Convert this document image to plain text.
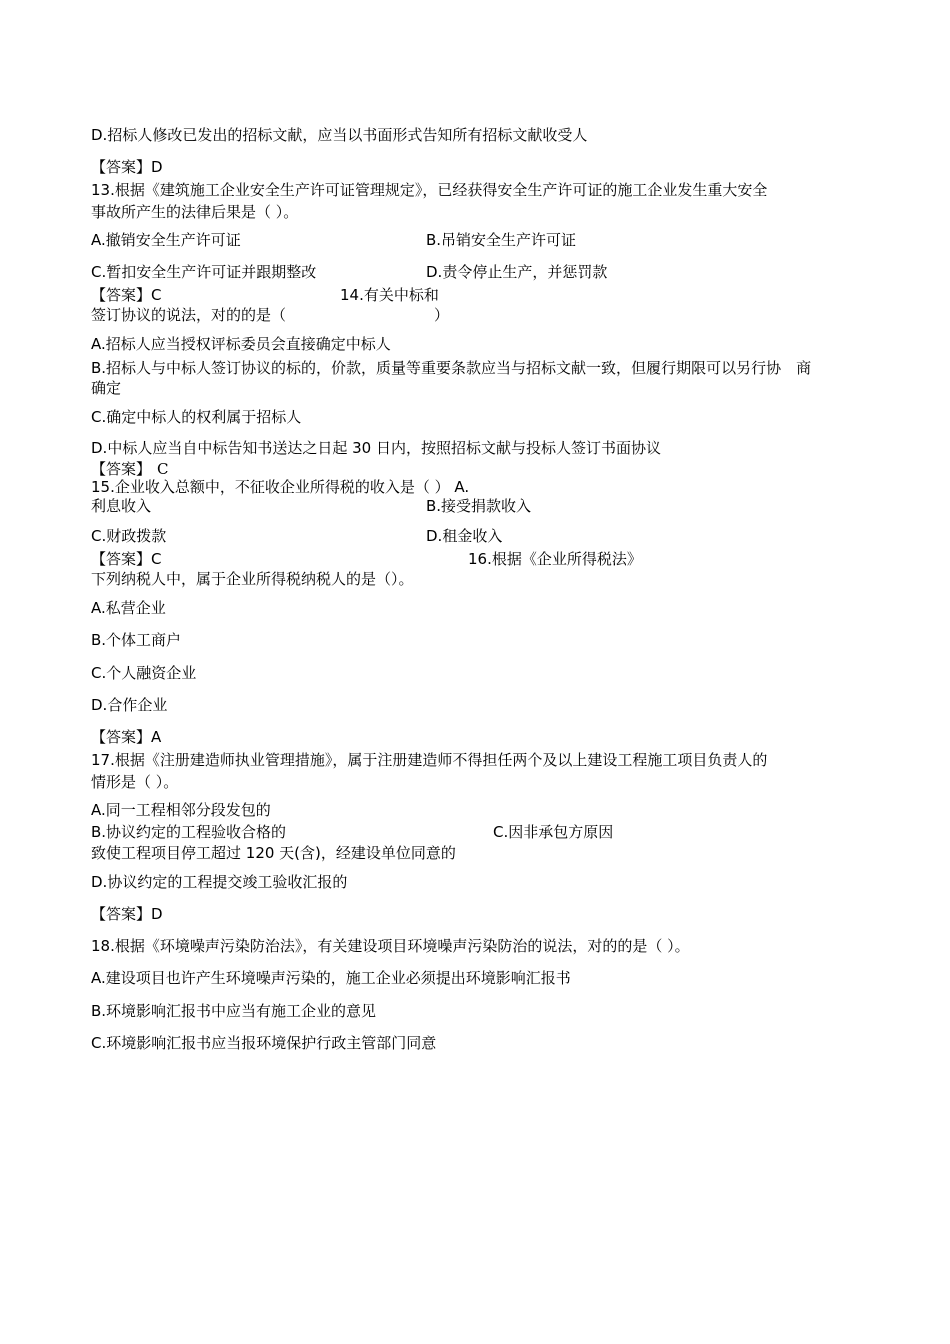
D.招标人修改已发出的招标文献，应当以书面形式告知所有招标文献收受人
【答案】D
13.根据《建筑施工企业安全生产许可证管理规定》，已经获得安全生产许可证的施工企业发生重大安全
事故所产生的法律后果是（ ）。
A.撤销安全生产许可证	B.吊销安全生产许可证
C.暂扣安全生产许可证并跟期整改	D.责令停止生产，并惩罚款
【答案】C	14.有关中标和
签订协议的说法，对的的是（	）
A.招标人应当授权评标委员会直接确定中标人
B.招标人与中标人签订协议的标的，价款，质量等重要条款应当与招标文献一致，但履行期限可以另行协　商
确定
C.确定中标人的权利属于招标人
D.中标人应当自中标告知书送达之日起 30 日内，按照招标文献与投标人签订书面协议
【答案】 C
15.企业收入总额中，不征收企业所得税的收入是（ ） A.
利息收入	B.接受捐款收入
C.财政拨款	D.租金收入
【答案】C	16.根据《企业所得税法》
下列纳税人中，属于企业所得税纳税人的是（）。
A.私营企业
B.个体工商户
C.个人融资企业
D.合作企业
【答案】A
17.根据《注册建造师执业管理措施》，属于注册建造师不得担任两个及以上建设工程施工项目负责人的
情形是（ ）。
A.同一工程相邻分段发包的
B.协议约定的工程验收合格的	C.因非承包方原因
致使工程项目停工超过 120 天(含)，经建设单位同意的
D.协议约定的工程提交竣工验收汇报的
【答案】D
18.根据《环境噪声污染防治法》，有关建设项目环境噪声污染防治的说法，对的的是（ ）。
A.建设项目也许产生环境噪声污染的，施工企业必须提出环境影响汇报书
B.环境影响汇报书中应当有施工企业的意见
C.环境影响汇报书应当报环境保护行政主管部门同意
